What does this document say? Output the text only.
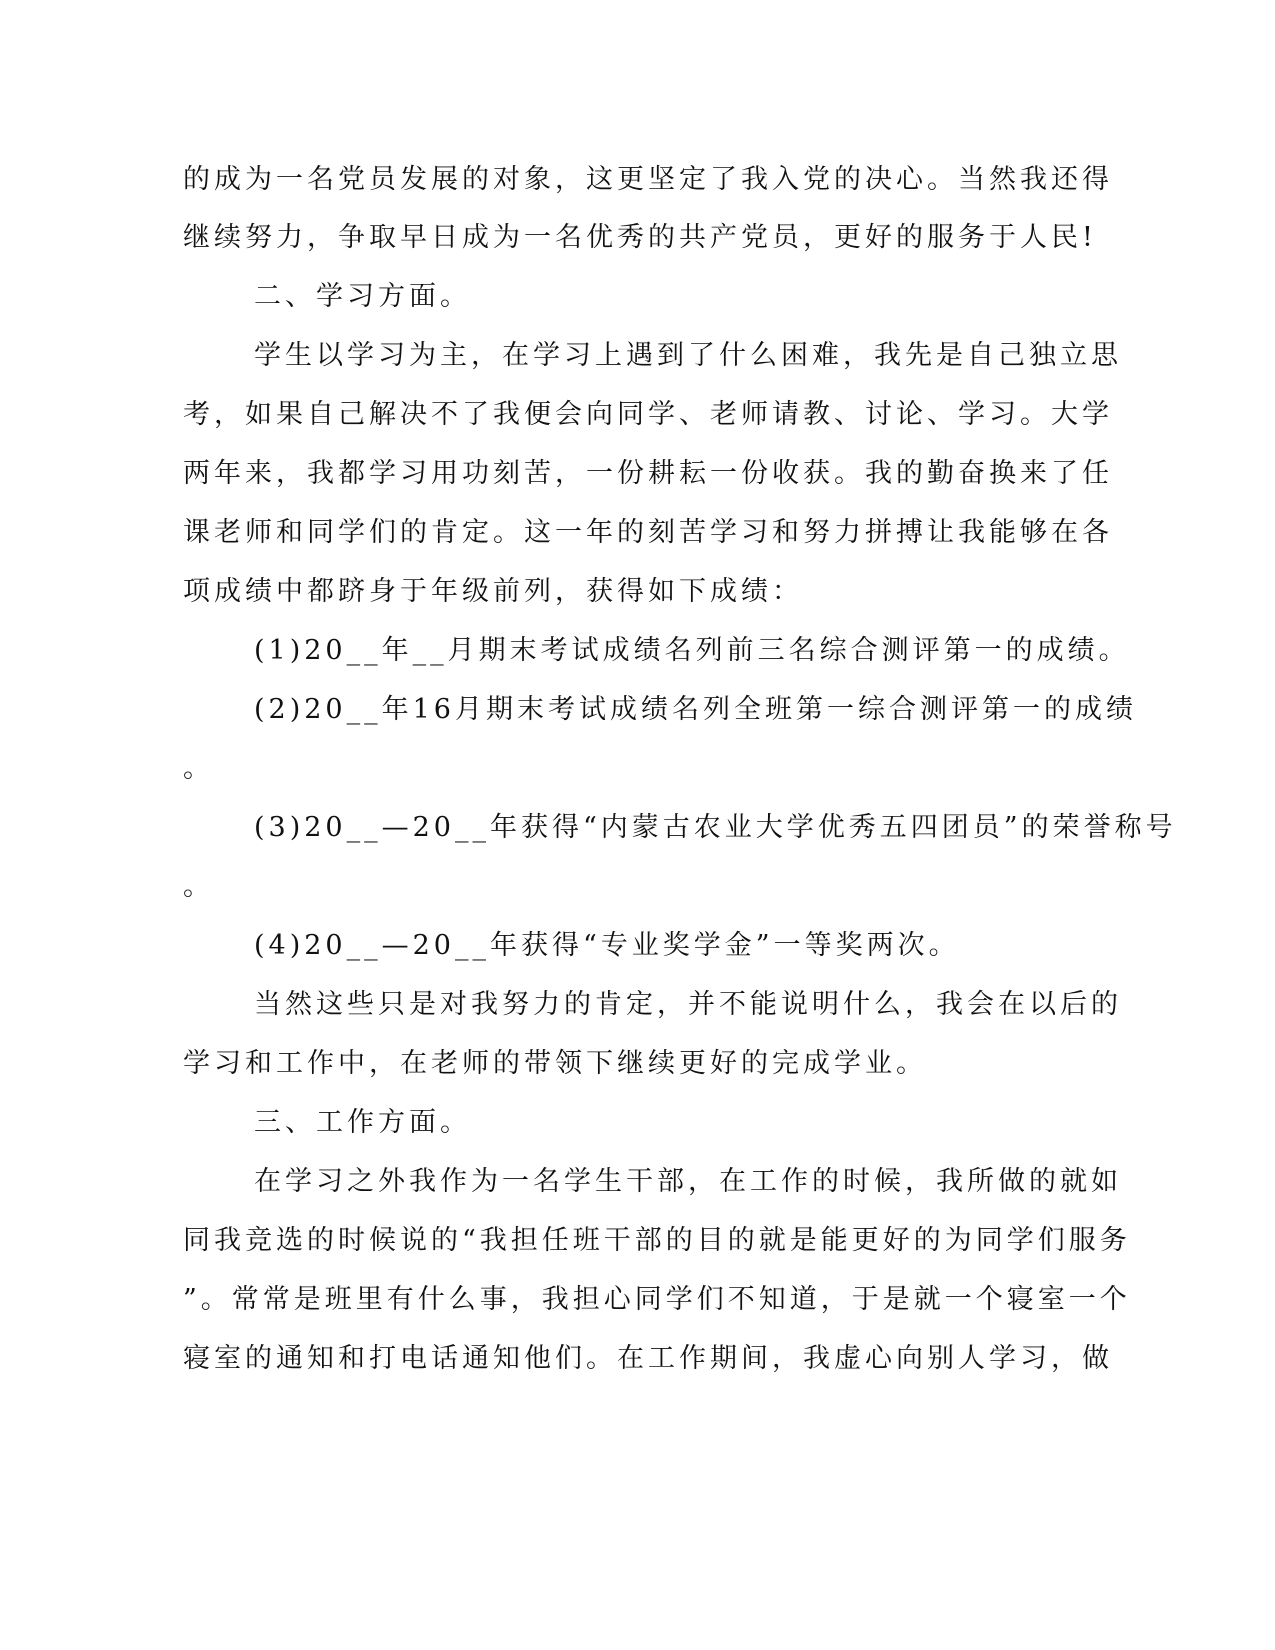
的成为一名党员发展的对象，这更坚定了我入党的决心。当然我还得
继续努力，争取早日成为一名优秀的共产党员，更好的服务于人民!
二、学习方面。
学生以学习为主，在学习上遇到了什么困难，我先是自己独立思
考，如果自己解决不了我便会向同学、老师请教、讨论、学习。大学
两年来，我都学习用功刻苦，一份耕耘一份收获。我的勤奋换来了任
课老师和同学们的肯定。这一年的刻苦学习和努力拼搏让我能够在各
项成绩中都跻身于年级前列，获得如下成绩：
(1)20__年__月期末考试成绩名列前三名综合测评第一的成绩。
(2)20__年16月期末考试成绩名列全班第一综合测评第一的成绩
。
(3)20__—20__年获得“内蒙古农业大学优秀五四团员”的荣誉称号
。
(4)20__—20__年获得“专业奖学金”一等奖两次。
当然这些只是对我努力的肯定，并不能说明什么，我会在以后的
学习和工作中，在老师的带领下继续更好的完成学业。
三、工作方面。
在学习之外我作为一名学生干部，在工作的时候，我所做的就如
同我竞选的时候说的“我担任班干部的目的就是能更好的为同学们服务
”。常常是班里有什么事，我担心同学们不知道，于是就一个寝室一个
寝室的通知和打电话通知他们。在工作期间，我虚心向别人学习，做
